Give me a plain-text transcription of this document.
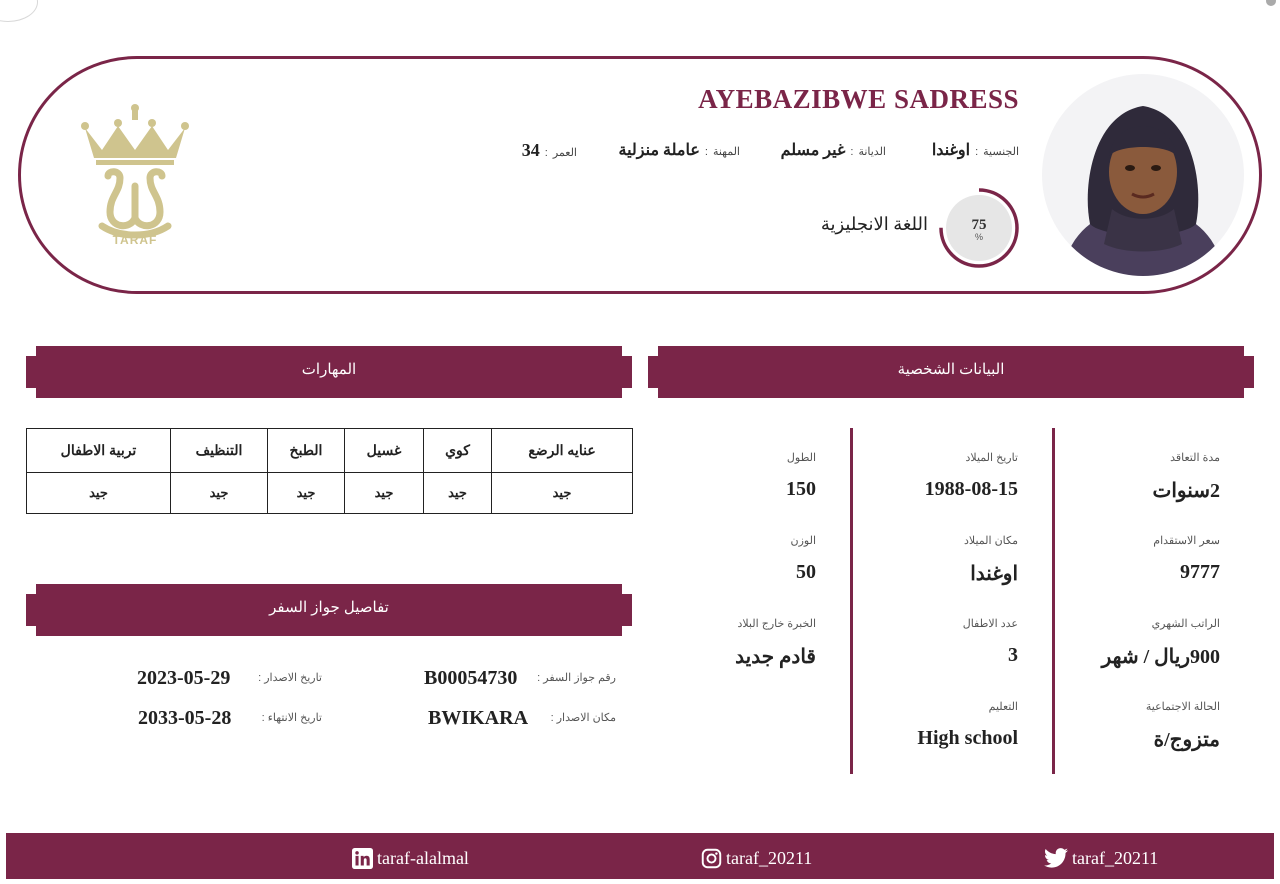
AYEBAZIBWE SADRESS
الجنسية
:
اوغندا
الديانة
:
غير مسلم
المهنة
:
عاملة منزلية
العمر
:
34
75
%
اللغة الانجليزية
TARAF
البيانات الشخصية
المهارات
تفاصيل جواز السفر
مدة التعاقد
2سنوات
سعر الاستقدام
9777
الراتب الشهري
900ريال / شهر
الحالة الاجتماعية
متزوج/ة
تاريخ الميلاد
1988-08-15
مكان الميلاد
اوغندا
عدد الاطفال
3
التعليم
High school
الطول
150
الوزن
50
الخبرة خارج البلاد
قادم جديد
عنايه الرضع	كوي	غسيل	الطبخ	التنظيف	تربية الاطفال
جيد	جيد	جيد	جيد	جيد	جيد
رقم جواز السفر :
B00054730
تاريخ الاصدار :
2023-05-29
مكان الاصدار :
BWIKARA
تاريخ الانتهاء :
2033-05-28
taraf-alalmal	taraf_20211	taraf_20211
